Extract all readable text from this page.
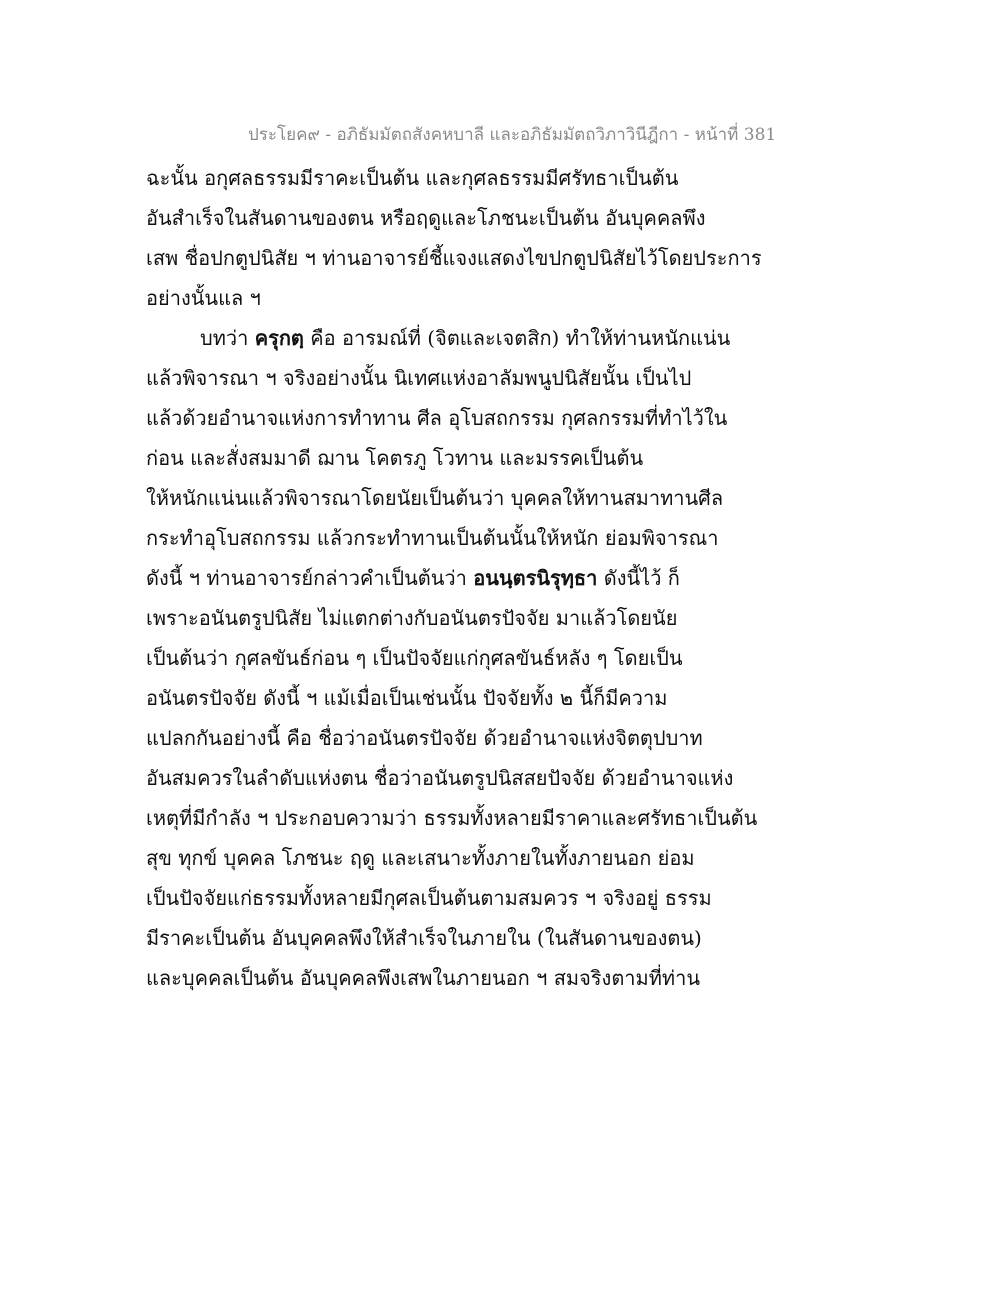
ประโยค๙ - อภิธัมมัตถสังคหบาลี และอภิธัมมัตถวิภาวินีฎีกา - หน้าที่ 381
ฉะนั้น อกุศลธรรมมีราคะเป็นต้น และกุศลธรรมมีศรัทธาเป็นต้น
อันสำเร็จในสันดานของตน หรือฤดูและโภชนะเป็นต้น อันบุคคลพึง
เสพ ชื่อปกตูปนิสัย ฯ ท่านอาจารย์ชี้แจงแสดงไขปกตูปนิสัยไว้โดยประการ
อย่างนั้นแล ฯ
บทว่า ครุกตฺ คือ อารมณ์ที่ (จิตและเจตสิก) ทำให้ท่านหนักแน่น
แล้วพิจารณา ฯ จริงอย่างนั้น นิเทศแห่งอาลัมพนูปนิสัยนั้น เป็นไป
แล้วด้วยอำนาจแห่งการทำทาน ศีล อุโบสถกรรม กุศลกรรมที่ทำไว้ใน
ก่อน และสั่งสมมาดี ฌาน โคตรภู โวทาน และมรรคเป็นต้น
ให้หนักแน่นแล้วพิจารณาโดยนัยเป็นต้นว่า บุคคลให้ทานสมาทานศีล
กระทำอุโบสถกรรม แล้วกระทำทานเป็นต้นนั้นให้หนัก ย่อมพิจารณา
ดังนี้ ฯ ท่านอาจารย์กล่าวคำเป็นต้นว่า อนนฺตรนิรุทฺธา ดังนี้ไว้ ก็
เพราะอนันตรูปนิสัย ไม่แตกต่างกับอนันตรปัจจัย มาแล้วโดยนัย
เป็นต้นว่า กุศลขันธ์ก่อน ๆ เป็นปัจจัยแก่กุศลขันธ์หลัง ๆ โดยเป็น
อนันตรปัจจัย ดังนี้ ฯ แม้เมื่อเป็นเช่นนั้น ปัจจัยทั้ง ๒ นี้ก็มีความ
แปลกกันอย่างนี้ คือ ชื่อว่าอนันตรปัจจัย ด้วยอำนาจแห่งจิตตุปบาท
อันสมควรในลำดับแห่งตน ชื่อว่าอนันตรูปนิสสยปัจจัย ด้วยอำนาจแห่ง
เหตุที่มีกำลัง ฯ ประกอบความว่า ธรรมทั้งหลายมีราคาและศรัทธาเป็นต้น
สุข ทุกข์ บุคคล โภชนะ ฤดู และเสนาะทั้งภายในทั้งภายนอก ย่อม
เป็นปัจจัยแก่ธรรมทั้งหลายมีกุศลเป็นต้นตามสมควร ฯ จริงอยู่ ธรรม
มีราคะเป็นต้น อันบุคคลพึงให้สำเร็จในภายใน (ในสันดานของตน)
และบุคคลเป็นต้น อันบุคคลพึงเสพในภายนอก ฯ สมจริงตามที่ท่าน
